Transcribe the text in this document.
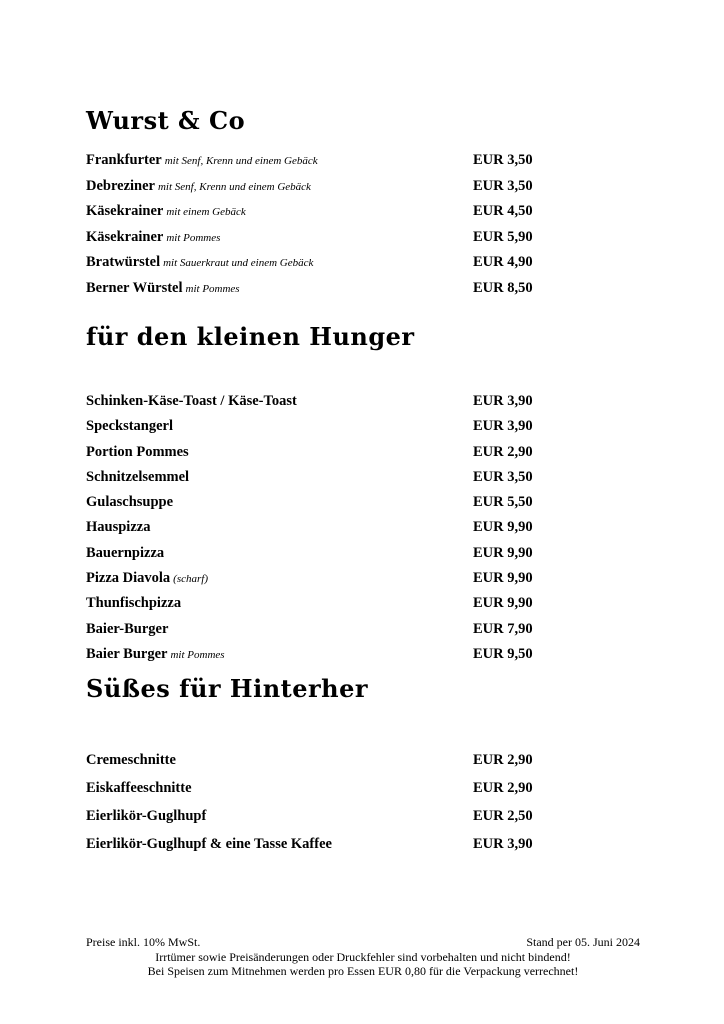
Wurst & Co
Frankfurter mit Senf, Krenn und einem Gebäck	EUR 3,50
Debreziner mit Senf, Krenn und einem Gebäck	EUR 3,50
Käsekrainer mit einem Gebäck	EUR 4,50
Käsekrainer mit Pommes	EUR 5,90
Bratwürstel mit Sauerkraut und einem Gebäck	EUR 4,90
Berner Würstel mit Pommes	EUR 8,50
für den kleinen Hunger
Schinken-Käse-Toast / Käse-Toast	EUR 3,90
Speckstangerl	EUR 3,90
Portion Pommes	EUR 2,90
Schnitzelsemmel	EUR 3,50
Gulaschsuppe	EUR 5,50
Hauspizza	EUR 9,90
Bauernpizza	EUR 9,90
Pizza Diavola (scharf)	EUR 9,90
Thunfischpizza	EUR 9,90
Baier-Burger	EUR 7,90
Baier Burger mit Pommes	EUR 9,50
Süßes für Hinterher
Cremeschnitte	EUR 2,90
Eiskaffeeschnitte	EUR 2,90
Eierlikör-Guglhupf	EUR 2,50
Eierlikör-Guglhupf & eine Tasse Kaffee	EUR 3,90
Preise inkl. 10% MwSt.	Stand per 05. Juni 2024
Irrtümer sowie Preisänderungen oder Druckfehler sind vorbehalten und nicht bindend!
Bei Speisen zum Mitnehmen werden pro Essen EUR 0,80 für die Verpackung verrechnet!
